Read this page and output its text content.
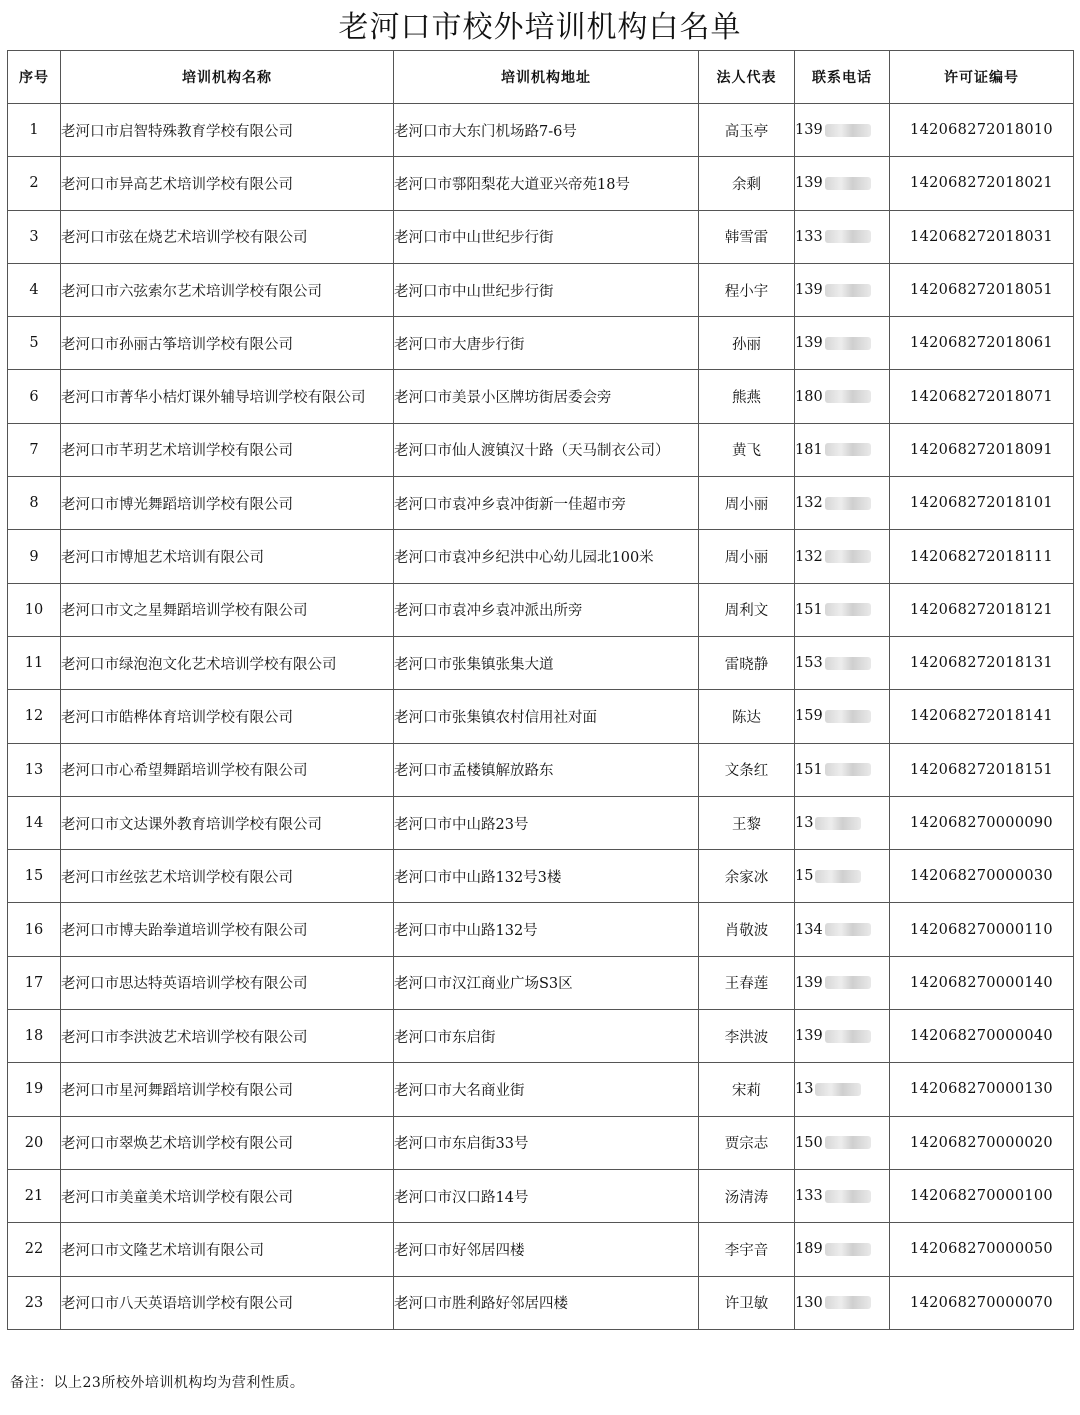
老河口市校外培训机构白名单
序号	培训机构名称	培训机构地址	法人代表	联系电话	许可证编号
1	老河口市启智特殊教育学校有限公司	老河口市大东门机场路7-6号	高玉亭	139	142068272018010
2	老河口市异高艺术培训学校有限公司	老河口市鄠阳梨花大道亚兴帝苑18号	余剩	139	142068272018021
3	老河口市弦在烧艺术培训学校有限公司	老河口市中山世纪步行街	韩雪雷	133	142068272018031
4	老河口市六弦索尔艺术培训学校有限公司	老河口市中山世纪步行街	程小宇	139	142068272018051
5	老河口市孙丽古筝培训学校有限公司	老河口市大唐步行街	孙丽	139	142068272018061
6	老河口市菁华小桔灯课外辅导培训学校有限公司	老河口市美景小区牌坊街居委会旁	熊燕	180	142068272018071
7	老河口市芊玥艺术培训学校有限公司	老河口市仙人渡镇汉十路（天马制衣公司）	黄飞	181	142068272018091
8	老河口市博光舞蹈培训学校有限公司	老河口市袁冲乡袁冲街新一佳超市旁	周小丽	132	142068272018101
9	老河口市博旭艺术培训有限公司	老河口市袁冲乡纪洪中心幼儿园北100米	周小丽	132	142068272018111
10	老河口市文之星舞蹈培训学校有限公司	老河口市袁冲乡袁冲派出所旁	周利文	151	142068272018121
11	老河口市绿泡泡文化艺术培训学校有限公司	老河口市张集镇张集大道	雷晓静	153	142068272018131
12	老河口市皓桦体育培训学校有限公司	老河口市张集镇农村信用社对面	陈达	159	142068272018141
13	老河口市心希望舞蹈培训学校有限公司	老河口市孟楼镇解放路东	文条红	151	142068272018151
14	老河口市文达课外教育培训学校有限公司	老河口市中山路23号	王黎	13	142068270000090
15	老河口市丝弦艺术培训学校有限公司	老河口市中山路132号3楼	余家冰	15	142068270000030
16	老河口市博夫跆拳道培训学校有限公司	老河口市中山路132号	肖敬波	134	142068270000110
17	老河口市思达特英语培训学校有限公司	老河口市汉江商业广场S3区	王春莲	139	142068270000140
18	老河口市李洪波艺术培训学校有限公司	老河口市东启街	李洪波	139	142068270000040
19	老河口市星河舞蹈培训学校有限公司	老河口市大名商业街	宋莉	13	142068270000130
20	老河口市翠焕艺术培训学校有限公司	老河口市东启街33号	贾宗志	150	142068270000020
21	老河口市美童美术培训学校有限公司	老河口市汉口路14号	汤清涛	133	142068270000100
22	老河口市文隆艺术培训有限公司	老河口市好邻居四楼	李宇音	189	142068270000050
23	老河口市八天英语培训学校有限公司	老河口市胜利路好邻居四楼	许卫敏	130	142068270000070
备注：以上23所校外培训机构均为营利性质。
